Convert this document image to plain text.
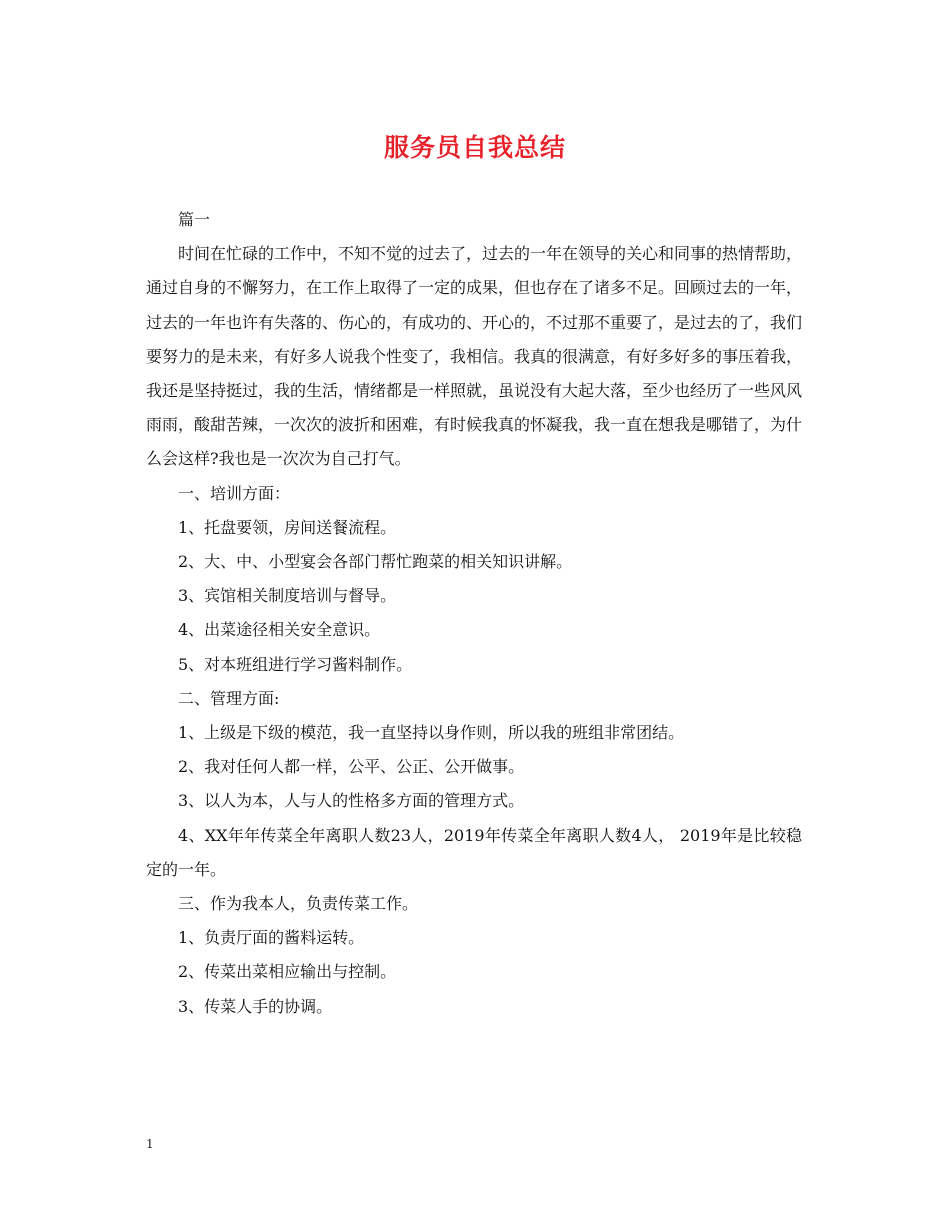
服务员自我总结

篇一

时间在忙碌的工作中，不知不觉的过去了，过去的一年在领导的关心和同事的热情帮助，通过自身的不懈努力，在工作上取得了一定的成果，但也存在了诸多不足。回顾过去的一年，过去的一年也许有失落的、伤心的，有成功的、开心的，不过那不重要了，是过去的了，我们要努力的是未来，有好多人说我个性变了，我相信。我真的很满意，有好多好多的事压着我，我还是坚持挺过，我的生活，情绪都是一样照就，虽说没有大起大落，至少也经历了一些风风雨雨，酸甜苦辣，一次次的波折和困难，有时候我真的怀凝我，我一直在想我是哪错了，为什么会这样?我也是一次次为自己打气。

一、培训方面：

1、托盘要领，房间送餐流程。

2、大、中、小型宴会各部门帮忙跑菜的相关知识讲解。

3、宾馆相关制度培训与督导。

4、出菜途径相关安全意识。

5、对本班组进行学习酱料制作。

二、管理方面:

1、上级是下级的模范，我一直坚持以身作则，所以我的班组非常团结。

2、我对任何人都一样，公平、公正、公开做事。

3、以人为本，人与人的性格多方面的管理方式。

4、XX年年传菜全年离职人数23人，2019年传菜全年离职人数4人， 2019年是比较稳定的一年。

三、作为我本人，负责传菜工作。

1、负责厅面的酱料运转。

2、传菜出菜相应输出与控制。

3、传菜人手的协调。

1
